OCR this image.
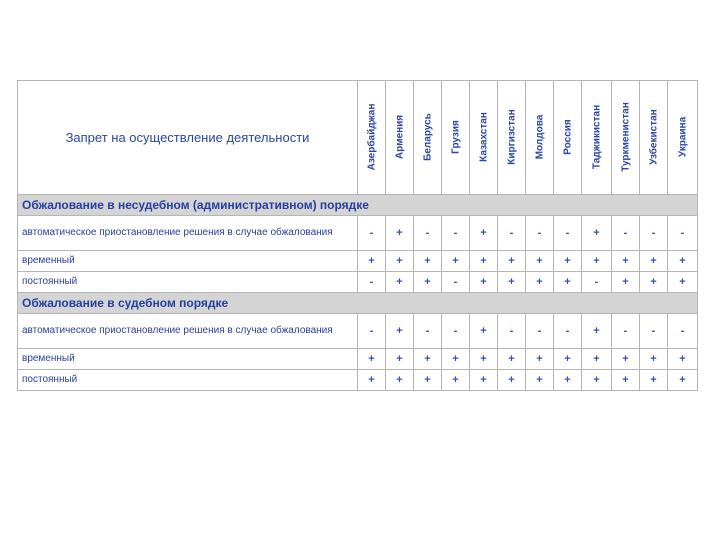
Запрет на осуществление деятельности	Азербайджан	Армения	Беларусь	Грузия	Казахстан	Киргизстан	Молдова	Россия	Таджикистан	Туркменистан	Узбекистан	Украина

Обжалование в несудебном (административном) порядке												
автоматическое приостановление решения в случае обжалования	-	+	-	-	+	-	-	-	+	-	-	-
временный	+	+	+	+	+	+	+	+	+	+	+	+
постоянный	-	+	+	-	+	+	+	+	-	+	+	+
Обжалование в судебном порядке												
автоматическое приостановление решения в случае обжалования	-	+	-	-	+	-	-	-	+	-	-	-
временный	+	+	+	+	+	+	+	+	+	+	+	+
постоянный	+	+	+	+	+	+	+	+	+	+	+	+
